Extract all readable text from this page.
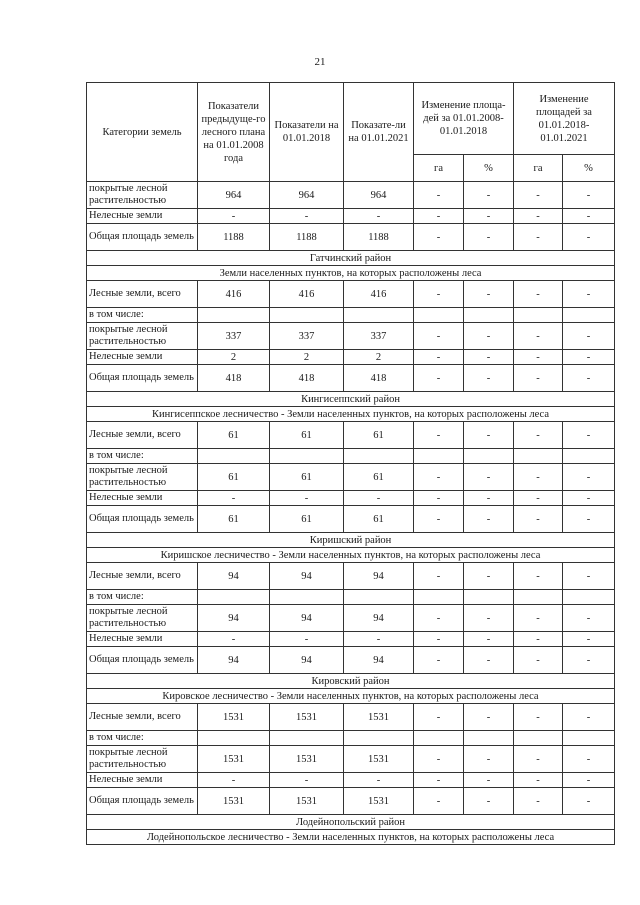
21
Категории земель	Показатели предыдуще-го лесного плана на 01.01.2008 года	Показатели на 01.01.2018	Показате-ли на 01.01.2021	Изменение площа-дей за 01.01.2008-01.01.2018		Изменение площадей за 01.01.2018-01.01.2021	
				га	%	га	%
покрытые лесной растительностью	964	964	964	-	-	-	-
Нелесные земли	-	-	-	-	-	-	-
Общая площадь земель	1188	1188	1188	-	-	-	-
Гатчинский район							
Земли населенных пунктов, на которых расположены леса							
Лесные земли, всего	416	416	416	-	-	-	-
в том числе:							
покрытые лесной растительностью	337	337	337	-	-	-	-
Нелесные земли	2	2	2	-	-	-	-
Общая площадь земель	418	418	418	-	-	-	-
Кингисеппский район							
Кингисеппское лесничество - Земли населенных пунктов, на которых расположены леса							
Лесные земли, всего	61	61	61	-	-	-	-
в том числе:							
покрытые лесной растительностью	61	61	61	-	-	-	-
Нелесные земли	-	-	-	-	-	-	-
Общая площадь земель	61	61	61	-	-	-	-
Киришский район							
Киришское лесничество - Земли населенных пунктов, на которых расположены леса							
Лесные земли, всего	94	94	94	-	-	-	-
в том числе:							
покрытые лесной растительностью	94	94	94	-	-	-	-
Нелесные земли	-	-	-	-	-	-	-
Общая площадь земель	94	94	94	-	-	-	-
Кировский район							
Кировское лесничество - Земли населенных пунктов, на которых расположены леса							
Лесные земли, всего	1531	1531	1531	-	-	-	-
в том числе:							
покрытые лесной растительностью	1531	1531	1531	-	-	-	-
Нелесные земли	-	-	-	-	-	-	-
Общая площадь земель	1531	1531	1531	-	-	-	-
Лодейнопольский район							
Лодейнопольское лесничество - Земли населенных пунктов, на которых расположены леса							
